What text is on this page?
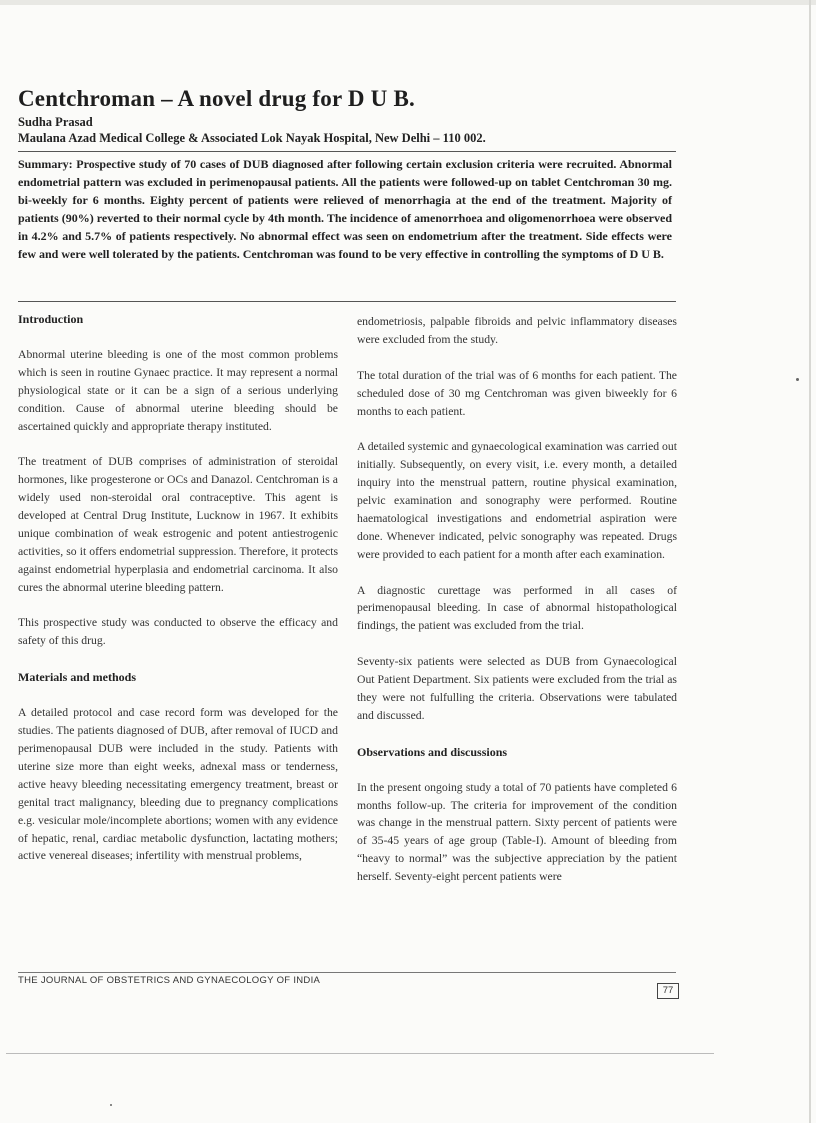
Centchroman – A novel drug for D U B.

Sudha Prasad

Maulana Azad Medical College & Associated Lok Nayak Hospital, New Delhi – 110 002.

Summary: Prospective study of 70 cases of DUB diagnosed after following certain exclusion criteria were recruited. Abnormal endometrial pattern was excluded in perimenopausal patients. All the patients were followed-up on tablet Centchroman 30 mg. bi-weekly for 6 months. Eighty percent of patients were relieved of menorrhagia at the end of the treatment. Majority of patients (90%) reverted to their normal cycle by 4th month. The incidence of amenorrhoea and oligomenorrhoea were observed in 4.2% and 5.7% of patients respectively. No abnormal effect was seen on endometrium after the treatment. Side effects were few and were well tolerated by the patients. Centchroman was found to be very effective in controlling the symptoms of D U B.

Introduction

Abnormal uterine bleeding is one of the most common problems which is seen in routine Gynaec practice. It may represent a normal physiological state or it can be a sign of a serious underlying condition. Cause of abnormal uterine bleeding should be ascertained quickly and appropriate therapy instituted.

The treatment of DUB comprises of administration of steroidal hormones, like progesterone or OCs and Danazol. Centchroman is a widely used non-steroidal oral contraceptive. This agent is developed at Central Drug Institute, Lucknow in 1967. It exhibits unique combination of weak estrogenic and potent antiestrogenic activities, so it offers endometrial suppression. Therefore, it protects against endometrial hyperplasia and endometrial carcinoma. It also cures the abnormal uterine bleeding pattern.

This prospective study was conducted to observe the efficacy and safety of this drug.

Materials and methods

A detailed protocol and case record form was developed for the studies. The patients diagnosed of DUB, after removal of IUCD and perimenopausal DUB were included in the study. Patients with uterine size more than eight weeks, adnexal mass or tenderness, active heavy bleeding necessitating emergency treatment, breast or genital tract malignancy, bleeding due to pregnancy complications e.g. vesicular mole/incomplete abortions; women with any evidence of hepatic, renal, cardiac metabolic dysfunction, lactating mothers; active venereal diseases; infertility with menstrual problems,

endometriosis, palpable fibroids and pelvic inflammatory diseases were excluded from the study.

The total duration of the trial was of 6 months for each patient. The scheduled dose of 30 mg Centchroman was given biweekly for 6 months to each patient.

A detailed systemic and gynaecological examination was carried out initially. Subsequently, on every visit, i.e. every month, a detailed inquiry into the menstrual pattern, routine physical examination, pelvic examination and sonography were performed. Routine haematological investigations and endometrial aspiration were done. Whenever indicated, pelvic sonography was repeated. Drugs were provided to each patient for a month after each examination.

A diagnostic curettage was performed in all cases of perimenopausal bleeding. In case of abnormal histopathological findings, the patient was excluded from the trial.

Seventy-six patients were selected as DUB from Gynaecological Out Patient Department. Six patients were excluded from the trial as they were not fulfulling the criteria. Observations were tabulated and discussed.

Observations and discussions

In the present ongoing study a total of 70 patients have completed 6 months follow-up. The criteria for improvement of the condition was change in the menstrual pattern. Sixty percent of patients were of 35-45 years of age group (Table-I). Amount of bleeding from “heavy to normal” was the subjective appreciation by the patient herself. Seventy-eight percent patients were

THE JOURNAL OF OBSTETRICS AND GYNAECOLOGY OF INDIA
77
